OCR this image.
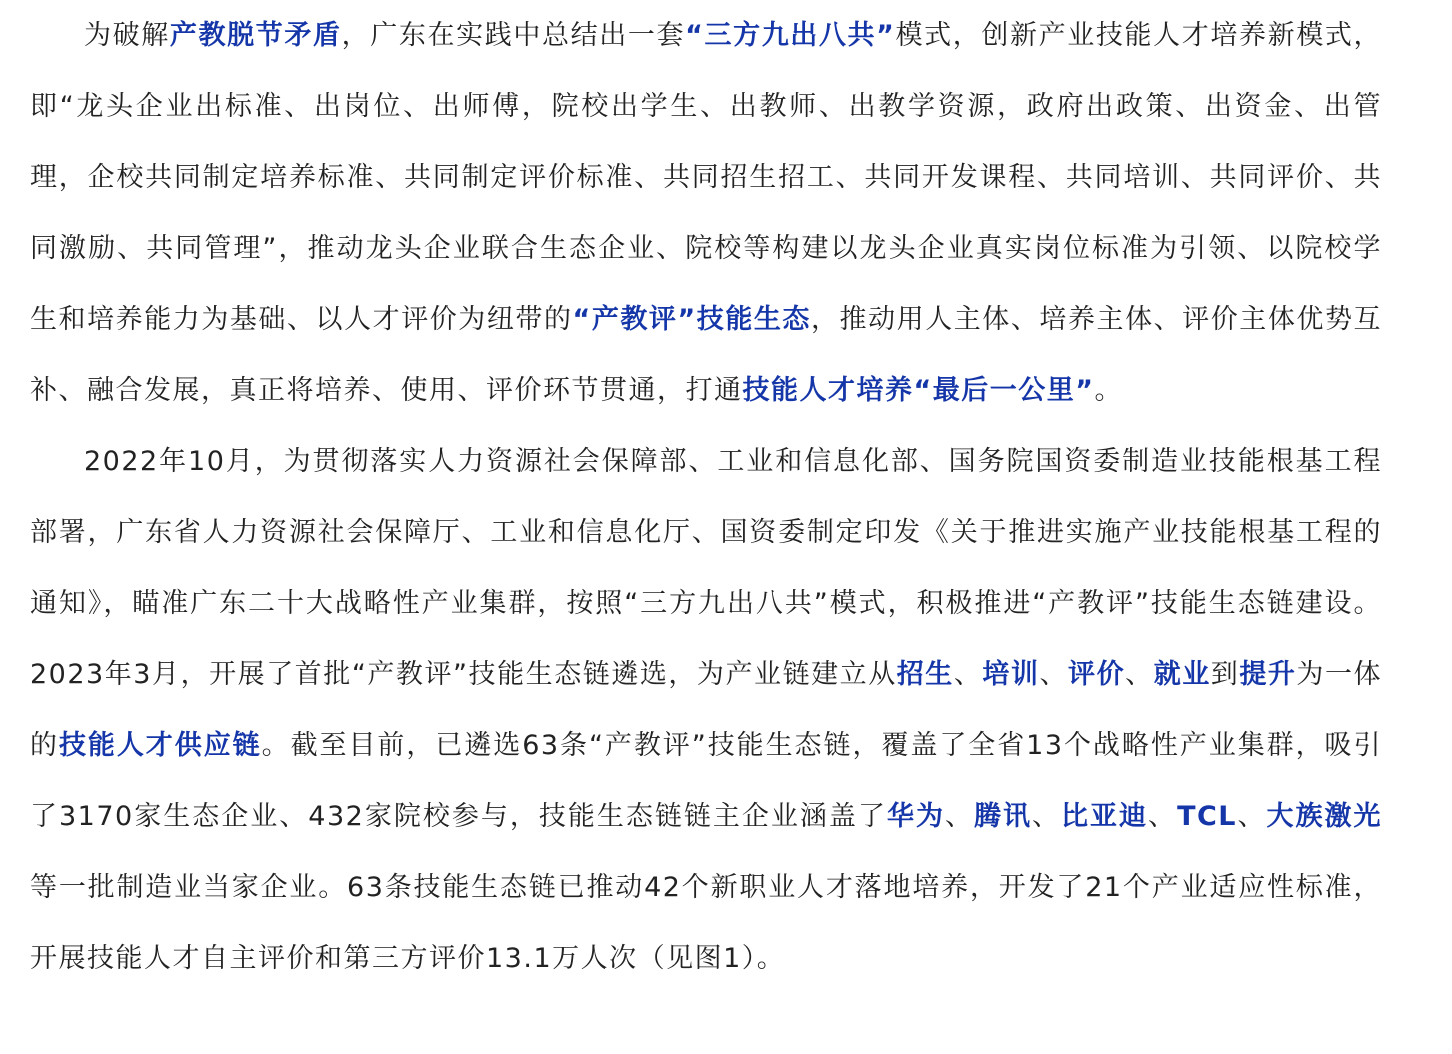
为破解产教脱节矛盾，广东在实践中总结出一套“三方九出八共”模式，创新产业技能人才培养新模式，即“龙头企业出标准、出岗位、出师傅，院校出学生、出教师、出教学资源，政府出政策、出资金、出管理，企校共同制定培养标准、共同制定评价标准、共同招生招工、共同开发课程、共同培训、共同评价、共同激励、共同管理”，推动龙头企业联合生态企业、院校等构建以龙头企业真实岗位标准为引领、以院校学生和培养能力为基础、以人才评价为纽带的“产教评”技能生态，推动用人主体、培养主体、评价主体优势互补、融合发展，真正将培养、使用、评价环节贯通，打通技能人才培养“最后一公里”。

2022年10月，为贯彻落实人力资源社会保障部、工业和信息化部、国务院国资委制造业技能根基工程部署，广东省人力资源社会保障厅、工业和信息化厅、国资委制定印发《关于推进实施产业技能根基工程的通知》，瞄准广东二十大战略性产业集群，按照“三方九出八共”模式，积极推进“产教评”技能生态链建设。2023年3月，开展了首批“产教评”技能生态链遴选，为产业链建立从招生、培训、评价、就业到提升为一体的技能人才供应链。截至目前，已遴选63条“产教评”技能生态链，覆盖了全省13个战略性产业集群，吸引了3170家生态企业、432家院校参与，技能生态链链主企业涵盖了华为、腾讯、比亚迪、TCL、大族激光等一批制造业当家企业。63条技能生态链已推动42个新职业人才落地培养，开发了21个产业适应性标准，开展技能人才自主评价和第三方评价13.1万人次（见图1）。
